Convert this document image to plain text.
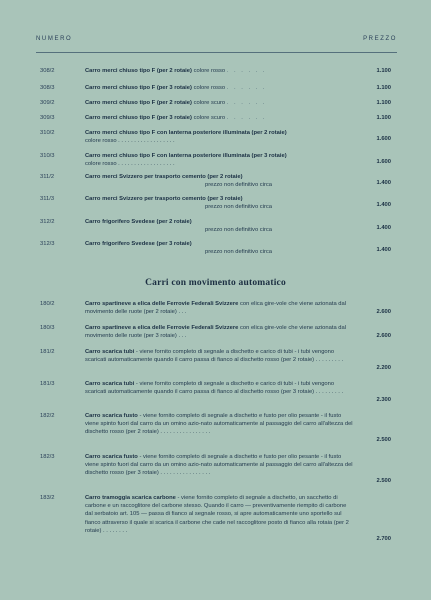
NUMERO	PREZZO
308/2	Carro merci chiuso tipo F (per 2 rotaie) colore rosso . . . . . .	1.100
308/3	Carro merci chiuso tipo F (per 3 rotaie) colore rosso . . . . . .	1.100
309/2	Carro merci chiuso tipo F (per 2 rotaie) colore scuro . . . . . .	1.100
309/3	Carro merci chiuso tipo F (per 3 rotaie) colore scuro . . . . . .	1.100
310/2	Carro merci chiuso tipo F con lanterna posteriore illuminata (per 2 rotaie)

colore rosso . . . . . . . . . . . . . . . . . .	1.600
310/3	Carro merci chiuso tipo F con lanterna posteriore illuminata (per 3 rotaie)

colore rosso . . . . . . . . . . . . . . . . . .	1.600
311/2	Carro merci Svizzero per trasporto cemento (per 2 rotaie)

prezzo non definitivo circa	1.400
311/3	Carro merci Svizzero per trasporto cemento (per 3 rotaie)

prezzo non definitivo circa	1.400
312/2	Carro frigorifero Svedese (per 2 rotaie)

prezzo non definitivo circa	1.400
312/3	Carro frigorifero Svedese (per 3 rotaie)

prezzo non definitivo circa	1.400
Carri con movimento automatico
180/2	Carro spartineve a elica delle Ferrovie Federali Svizzere con elica gire-vole che viene azionata dal movimento delle ruote (per 2 rotaie) . . .	2.600
180/3	Carro spartineve a elica delle Ferrovie Federali Svizzere con elica gire-vole che viene azionata dal movimento delle ruote (per 3 rotaie) . . .	2.600
181/2	Carro scarica tubi - viene fornito completo di segnale a dischetto e carico di tubi - i tubi vengono scaricati automaticamente quando il carro passa di fianco al dischetto rosso (per 2 rotaie) . . . . . . . . .
2.200
181/3	Carro scarica tubi - viene fornito completo di segnale a dischetto e carico di tubi - i tubi vengono scaricati automaticamente quando il carro passa di fianco al dischetto rosso (per 3 rotaie) . . . . . . . . .
2.300
182/2	Carro scarica fusto - viene fornito completo di segnale a dischetto e fusto per olio pesante - il fusto viene spinto fuori dal carro da un omino azio-nato automaticamente al passaggio del carro all'altezza del dischetto rosso (per 2 rotaie) . . . . . . . . . . . . . . . .
2.500
182/3	Carro scarica fusto - viene fornito completo di segnale a dischetto e fusto per olio pesante - il fusto viene spinto fuori dal carro da un omino azio-nato automaticamente al passaggio del carro all'altezza del dischetto rosso (per 3 rotaie) . . . . . . . . . . . . . . . .
2.500
183/2	Carro tramoggia scarica carbone - viene fornito completo di segnale a dischetto, un sacchetto di carbone e un raccoglitore del carbone stesso. Quando il carro — preventivamente riempito di carbone dal serbatoio art. 105 — passa di fianco al segnale rosso, si apre automaticamente uno sportello sul fianco attraverso il quale si scarica il carbone che cade nel raccoglitore posto di fianco alla rotaia (per 2 rotaie) . . . . . . . .
2.700
